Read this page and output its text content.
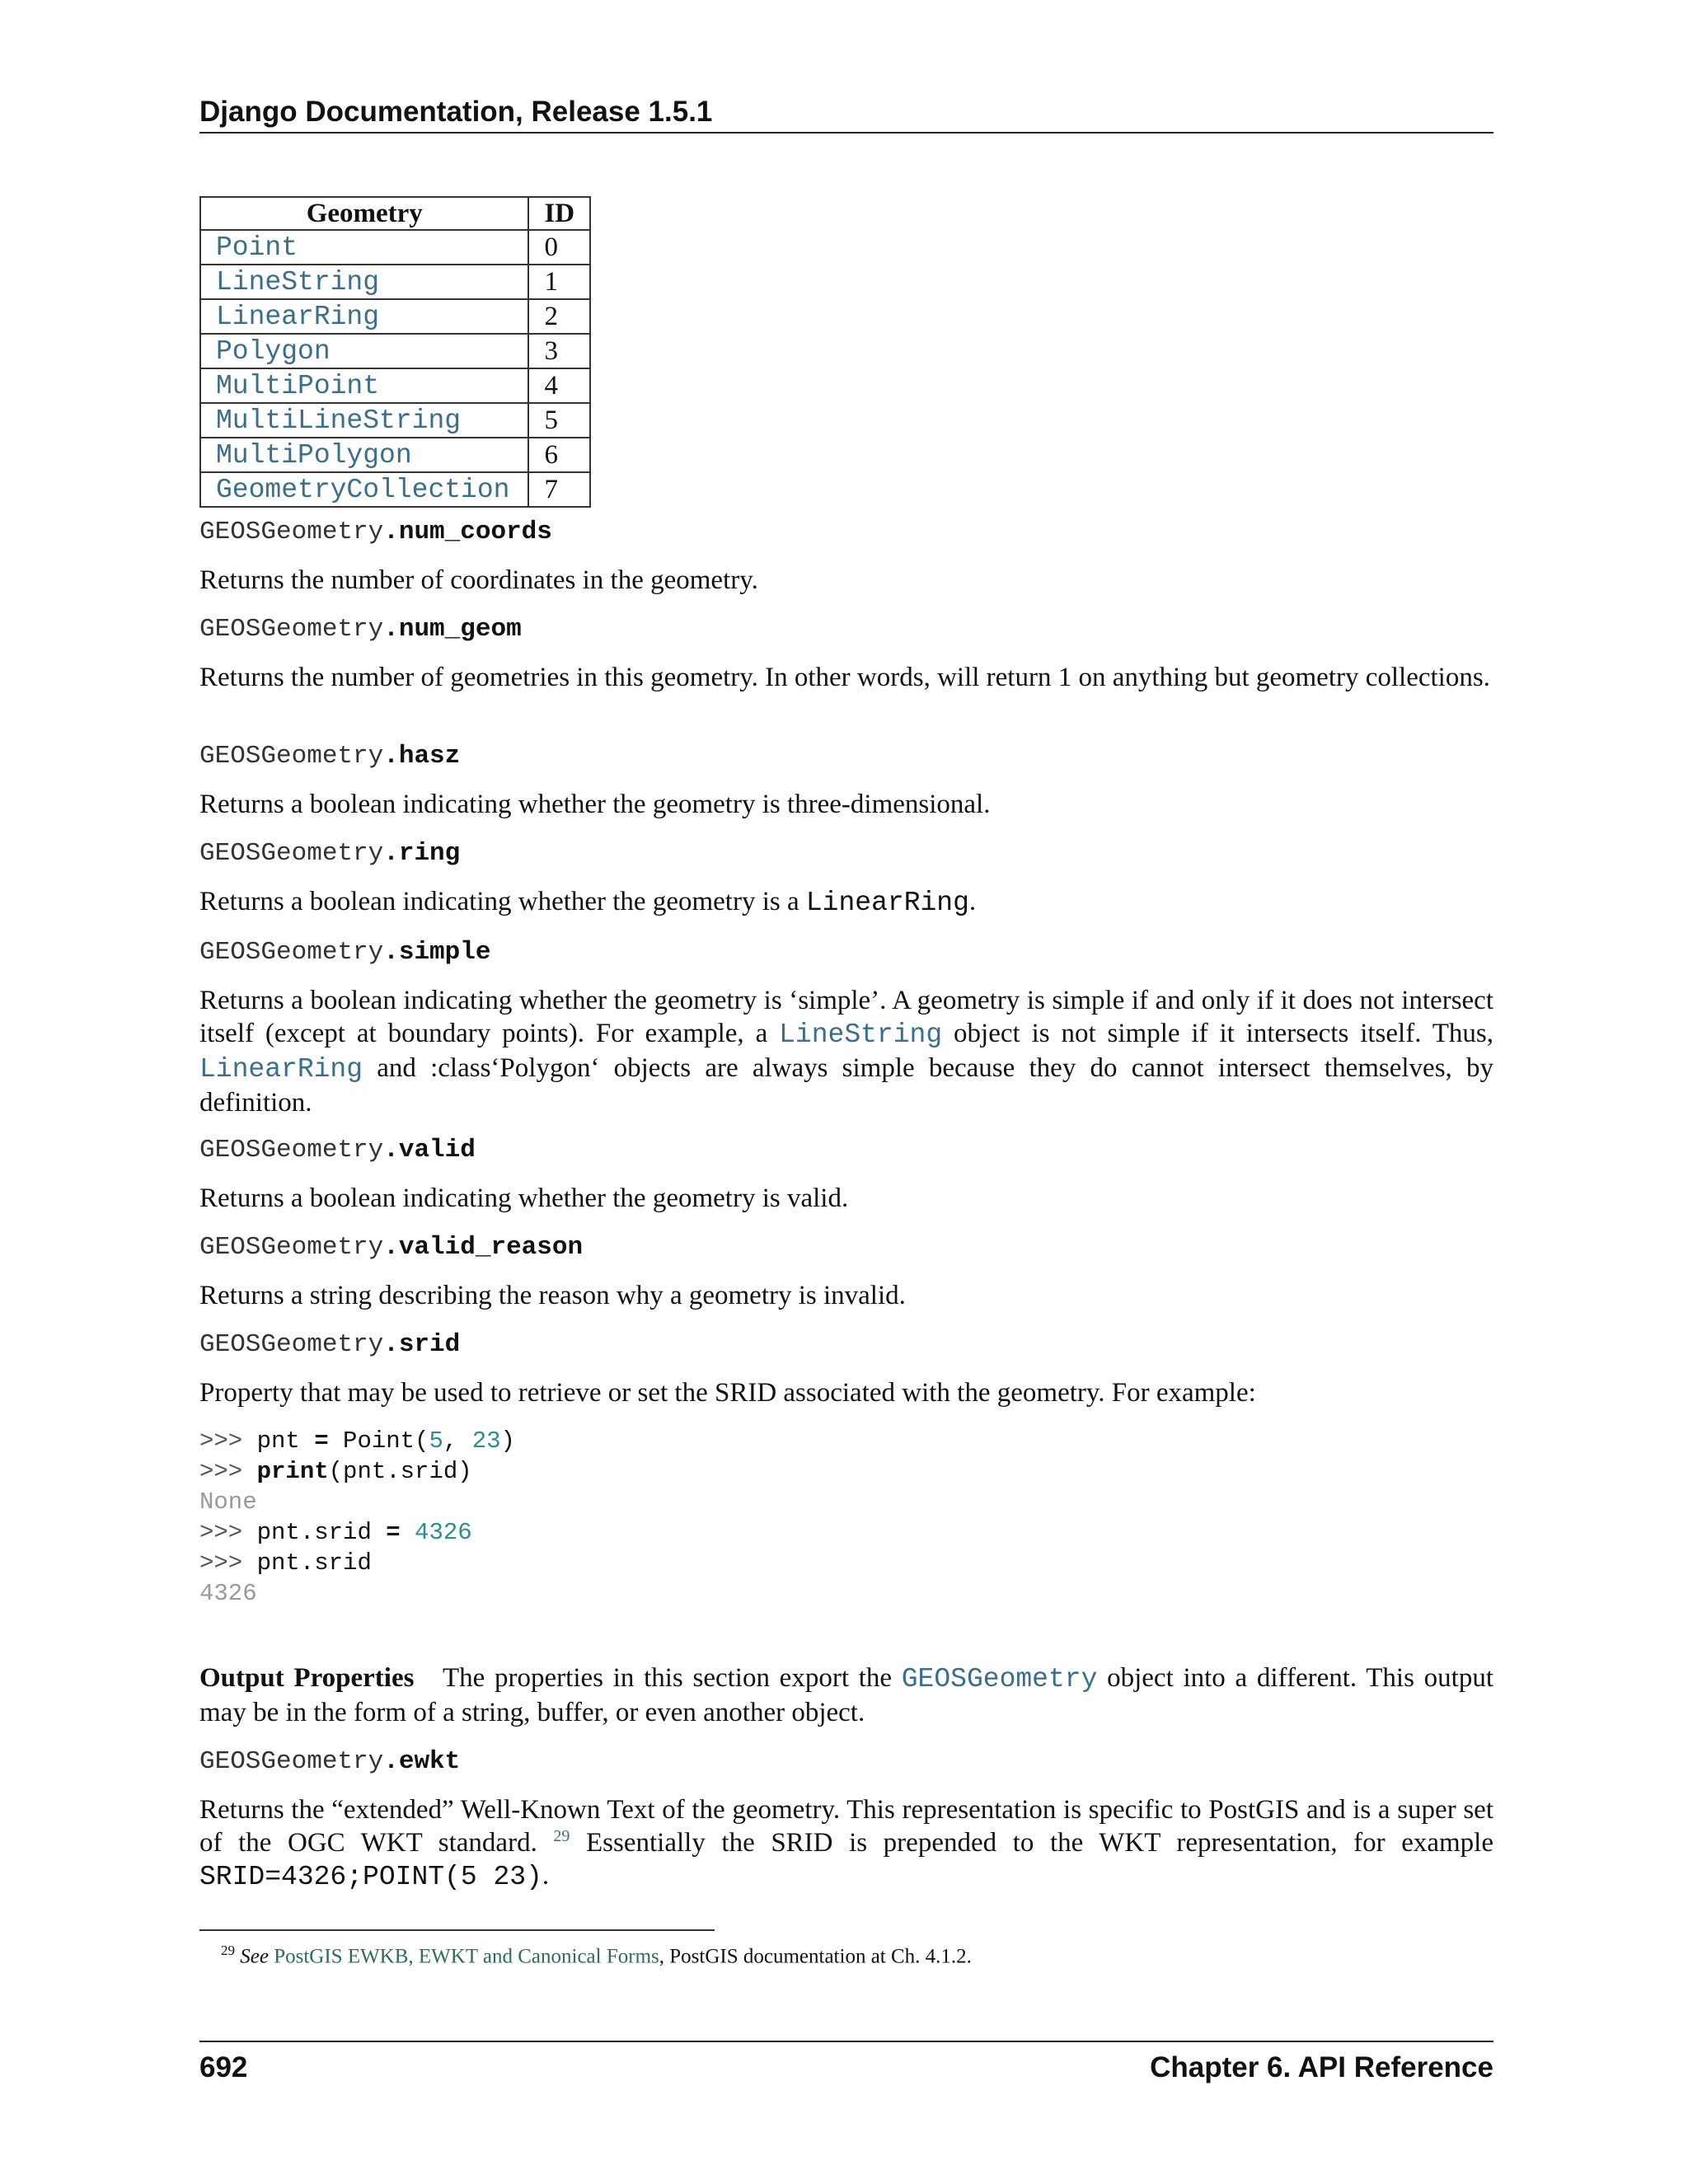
Django Documentation, Release 1.5.1
Geometry	ID
Point	0
LineString	1
LinearRing	2
Polygon	3
MultiPoint	4
MultiLineString	5
MultiPolygon	6
GeometryCollection	7

GEOSGeometry.num_coords

Returns the number of coordinates in the geometry.

GEOSGeometry.num_geom

Returns the number of geometries in this geometry. In other words, will return 1 on anything but geometry collections.

GEOSGeometry.hasz

Returns a boolean indicating whether the geometry is three-dimensional.

GEOSGeometry.ring

Returns a boolean indicating whether the geometry is a LinearRing.

GEOSGeometry.simple

Returns a boolean indicating whether the geometry is ‘simple’. A geometry is simple if and only if it does not intersect itself (except at boundary points). For example, a LineString object is not simple if it intersects itself. Thus, LinearRing and :class‘Polygon‘ objects are always simple because they do cannot intersect themselves, by definition.

GEOSGeometry.valid

Returns a boolean indicating whether the geometry is valid.

GEOSGeometry.valid_reason

Returns a string describing the reason why a geometry is invalid.

GEOSGeometry.srid

Property that may be used to retrieve or set the SRID associated with the geometry. For example:

>>> pnt = Point(5, 23)
>>> print(pnt.srid)
None
>>> pnt.srid = 4326
>>> pnt.srid
4326

Output Properties   The properties in this section export the GEOSGeometry object into a different. This output may be in the form of a string, buffer, or even another object.

GEOSGeometry.ewkt

Returns the “extended” Well-Known Text of the geometry. This representation is specific to PostGIS and is a super set of the OGC WKT standard. $^{29}$ Essentially the SRID is prepended to the WKT representation, for example SRID=4326;POINT(5 23).

$^{29}$ See PostGIS EWKB, EWKT and Canonical Forms, PostGIS documentation at Ch. 4.1.2.
692	Chapter 6. API Reference
